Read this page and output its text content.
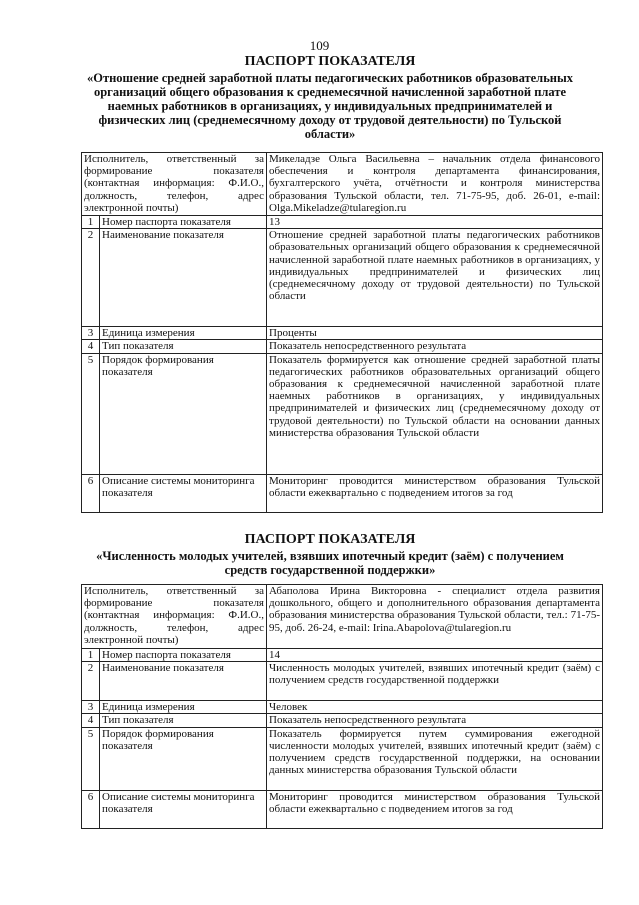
109
ПАСПОРТ ПОКАЗАТЕЛЯ
«Отношение средней заработной платы педагогических работников образовательных организаций общего образования к среднемесячной начисленной заработной плате наемных работников в организациях, у индивидуальных предпринимателей и физических лиц (среднемесячному доходу от трудовой деятельности) по Тульской области»
Исполнитель, ответственный за формирование показателя (контактная информация: Ф.И.О., должность, телефон, адрес электронной почты)		Микеладзе Ольга Васильевна – начальник отдела финансового обеспечения и контроля департамента финансирования, бухгалтерского учёта, отчётности и контроля министерства образования Тульской области, тел. 71-75-95, доб. 26-01, e-mail: Olga.Mikeladze@tularegion.ru
1	Номер паспорта показателя	13
2	Наименование показателя	Отношение средней заработной платы педагогических работников образовательных организаций общего образования к среднемесячной начисленной заработной плате наемных работников в организациях, у индивидуальных предпринимателей и физических лиц (среднемесячному доходу от трудовой деятельности) по Тульской области
3	Единица измерения	Проценты
4	Тип показателя	Показатель непосредственного результата
5	Порядок формирования показателя	Показатель формируется как отношение средней заработной платы педагогических работников образовательных организаций общего образования к среднемесячной начисленной заработной плате наемных работников в организациях, у индивидуальных предпринимателей и физических лиц (среднемесячному доходу от трудовой деятельности) по Тульской области на основании данных министерства образования Тульской области
6	Описание системы мониторинга показателя	Мониторинг проводится министерством образования Тульской области ежеквартально с подведением итогов за год
ПАСПОРТ ПОКАЗАТЕЛЯ
«Численность молодых учителей, взявших ипотечный кредит (заём) с получением средств государственной поддержки»
Исполнитель, ответственный за формирование показателя (контактная информация: Ф.И.О., должность, телефон, адрес электронной почты)		Абаполова Ирина Викторовна - специалист отдела развития дошкольного, общего и дополнительного образования департамента образования министерства образования Тульской области, тел.: 71-75-95, доб. 26-24, e-mail: Irina.Abapolova@tularegion.ru
1	Номер паспорта показателя	14
2	Наименование показателя	Численность молодых учителей, взявших ипотечный кредит (заём) с получением средств государственной поддержки
3	Единица измерения	Человек
4	Тип показателя	Показатель непосредственного результата
5	Порядок формирования показателя	Показатель формируется путем суммирования ежегодной численности молодых учителей, взявших ипотечный кредит (заём) с получением средств государственной поддержки, на основании данных министерства образования Тульской области
6	Описание системы мониторинга показателя	Мониторинг проводится министерством образования Тульской области ежеквартально с подведением итогов за год
